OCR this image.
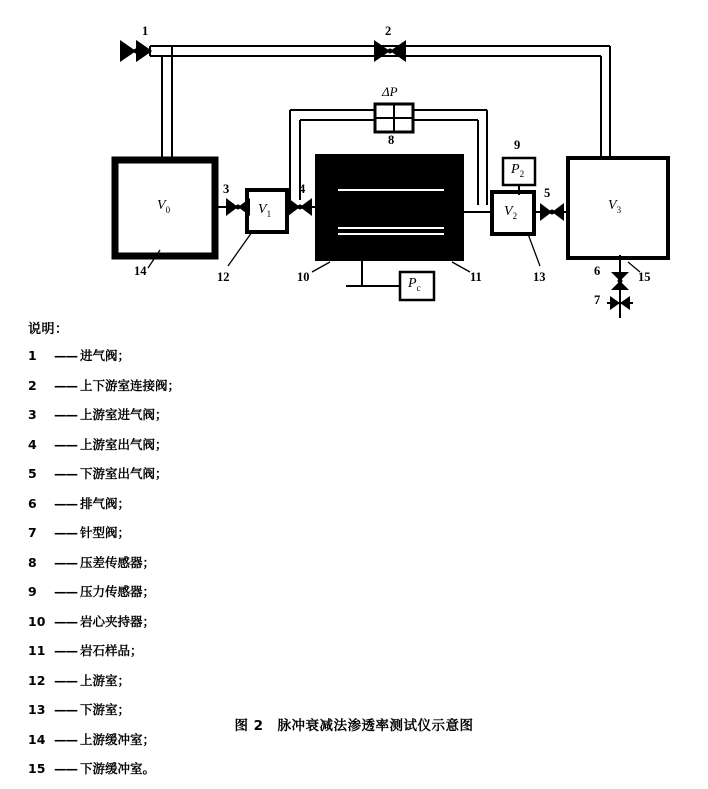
1	2
3	4	5
6
7
8	9
10	11
12	13
14	15
$V_0$	$V_1$	$V_2$
$V_3$
ΔP
$P_2$
$P_c$
说明：
1	—— 进气阀；
2	—— 上下游室连接阀；
3	—— 上游室进气阀；
4	—— 上游室出气阀；
5	—— 下游室出气阀；
6	—— 排气阀；
7	—— 针型阀；
8	—— 压差传感器；
9	—— 压力传感器；
10 —— 岩心夹持器；
11 —— 岩石样品；
12 —— 上游室；
13 —— 下游室；
14 —— 上游缓冲室；
15 —— 下游缓冲室。
图 2　脉冲衰减法渗透率测试仪示意图
